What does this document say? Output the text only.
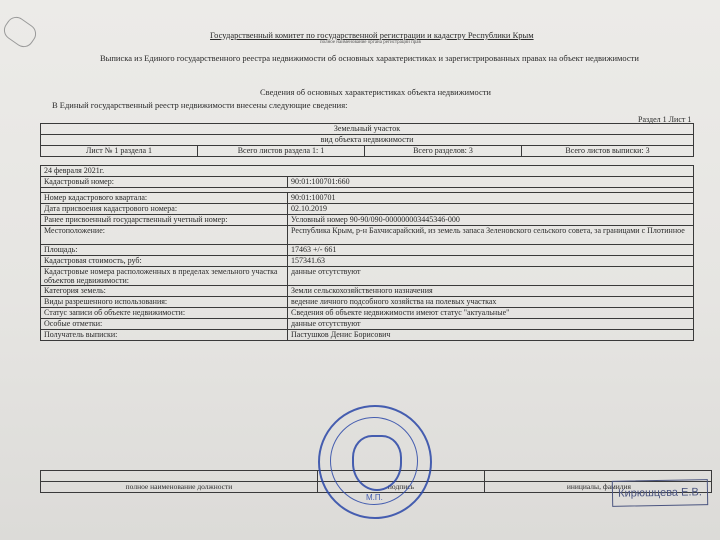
Государственный комитет по государственной регистрации и кадастру Республики Крым
полное наименование органа регистрации прав
Выписка из Единого государственного реестра недвижимости об основных характеристиках и зарегистрированных правах на объект недвижимости
Сведения об основных характеристиках объекта недвижимости
В Единый государственный реестр недвижимости внесены следующие сведения:
Раздел 1 Лист 1
Земельный участок
вид объекта недвижимости
Лист № 1 раздела 1	Всего листов раздела 1: 1	Всего разделов: 3	Всего листов выписки: 3
24 февраля 2021г.	
Кадастровый номер:	90:01:100701:660

Номер кадастрового квартала:	90:01:100701
Дата присвоения кадастрового номера:	02.10.2019
Ранее присвоенный государственный учетный номер:	Условный номер 90-90/090-000000003445346-000
Местоположение:	Республика Крым, р-н Бахчисарайский, из земель запаса Зеленовского сельского совета, за границами с Плотинное
Площадь:	17463 +/- 661
Кадастровая стоимость, руб:	157341.63
Кадастровые номера расположенных в пределах земельного участка объектов недвижимости:	данные отсутствуют
Категория земель:	Земли сельскохозяйственного назначения
Виды разрешенного использования:	ведение личного подсобного хозяйства на полевых участках
Статус записи об объекте недвижимости:	Сведения об объекте недвижимости имеют статус "актуальные"
Особые отметки:	данные отсутствуют
Получатель выписки:	Пастушков Денис Борисович

полное наименование должности	подпись	инициалы, фамилия
М.П.	Кирюшцева Е.В.
